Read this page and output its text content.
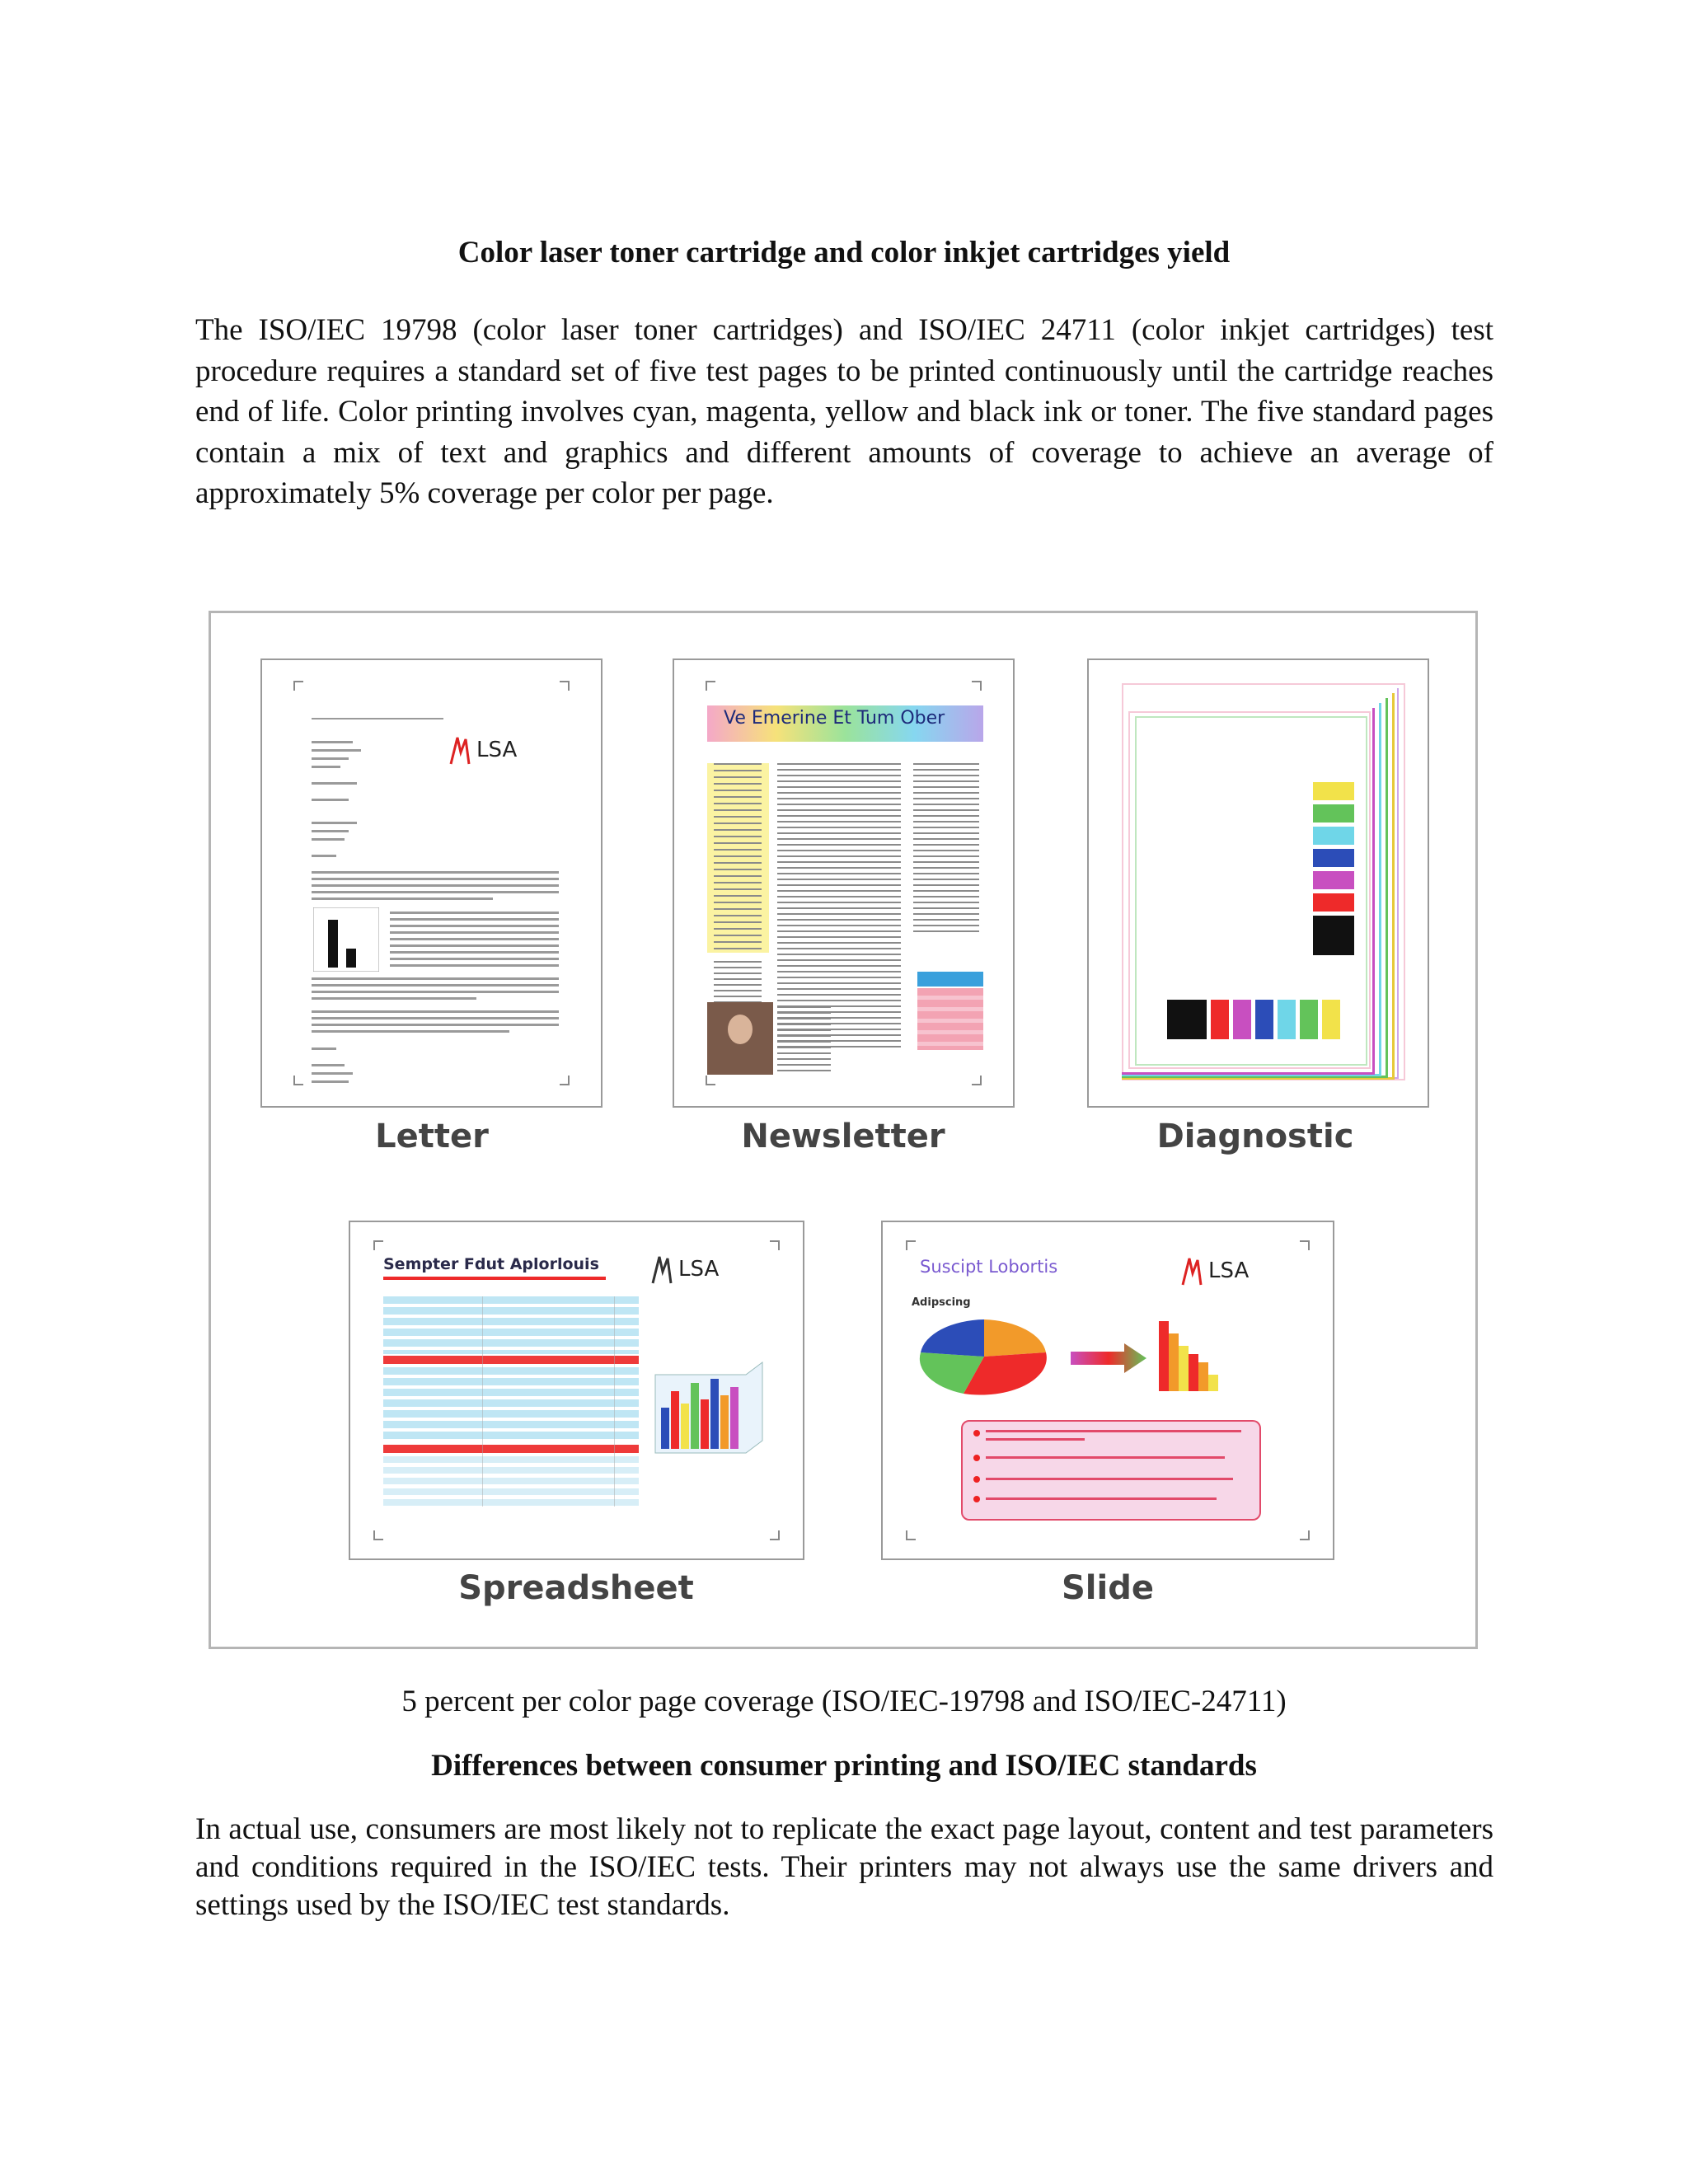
Color laser toner cartridge and color inkjet cartridges yield
The ISO/IEC 19798 (color laser toner cartridges) and ISO/IEC 24711 (color inkjet cartridges) test procedure requires a standard set of five test pages to be printed continuously until the cartridge reaches end of life. Color printing involves cyan, magenta, yellow and black ink or toner. The five standard pages contain a mix of text and graphics and different amounts of coverage to achieve an average of approximately 5% coverage per color per page.
LSA
Letter
Ve Emerine Et Tum Ober
Newsletter	Diagnostic
Sempter Fdut Aplorlouis	LSA
Spreadsheet
Suscipt Lobortis	LSA
Adipscing
Slide
5 percent per color page coverage (ISO/IEC-19798 and ISO/IEC-24711)
Differences between consumer printing and ISO/IEC standards
In actual use, consumers are most likely not to replicate the exact page layout, content and test parameters and conditions required in the ISO/IEC tests. Their printers may not always use the same drivers and settings used by the ISO/IEC test standards.
